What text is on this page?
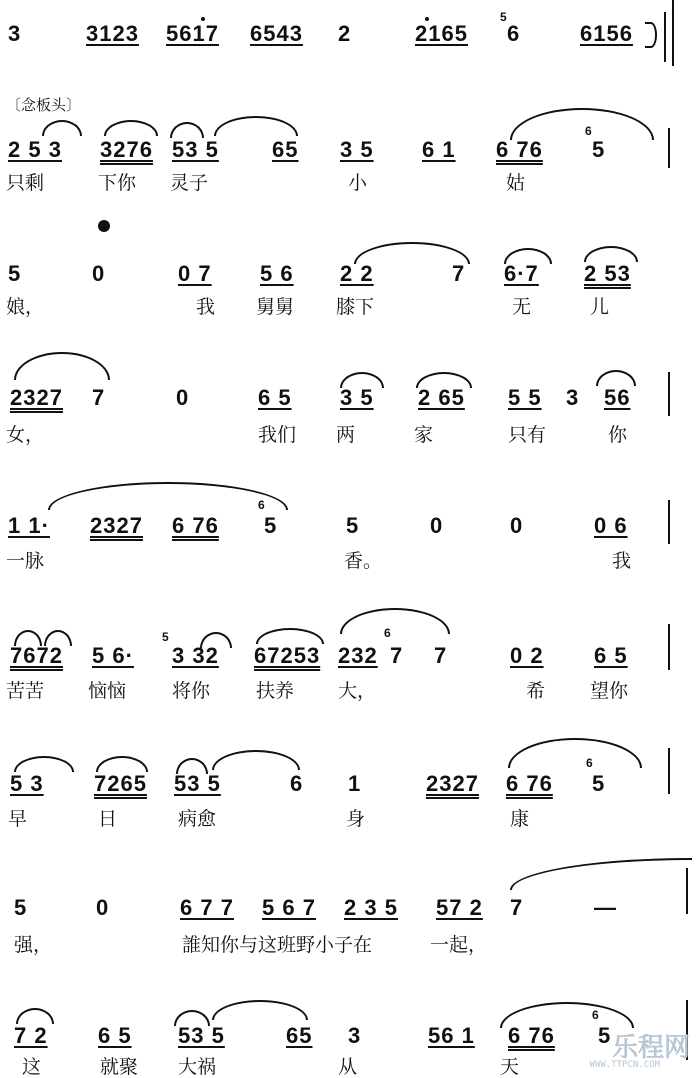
3	3123 5617 6543 2	2165
5
6	6156
〔念板头〕
2 5 3 3276 53 5 65 3 5 6 1 6 76
6
5
只剩	下你 灵子	小	姑
5	0	0 7 5 6 2 2	7 6·7 2 53
娘，	我 舅舅 膝下	无	儿
2327 7	0	6 5 3 5 2 65 5 5 3 56
女，	我们 两	家	只有	你
1 1· 2327 6 76
6
5	5	0	0	0 6
一脉	香。	我
5	6
7672 5 6· 3 32 67253 232 7 7	0 2 6 5
苦苦 恼恼 将你 扶养 大，	希 望你
5 3 7265 53 5	6 1	2327 6 76
6
5
早	日	病愈	身	康
5	0	6 7 7 5 6 7 2 3 5 57 2 7	—
强，	誰知你与这班野小子在	一起，
7 2 6 5 53 5	65 3	56 1 6 76
6
5
这	就聚 大祸	从	天
乐程网
WWW.TTPCN.COM
